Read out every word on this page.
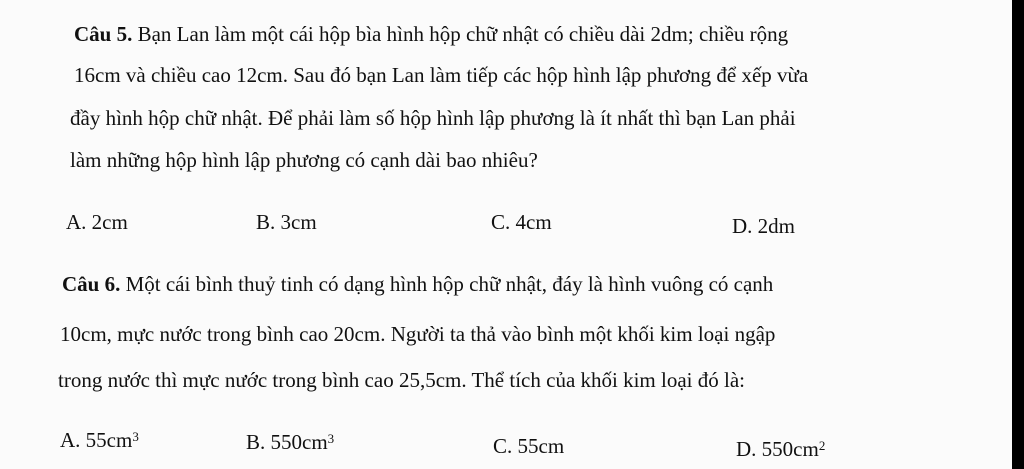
Câu 5. Bạn Lan làm một cái hộp bìa hình hộp chữ nhật có chiều dài 2dm; chiều rộng
16cm và chiều cao 12cm. Sau đó bạn Lan làm tiếp các hộp hình lập phương để xếp vừa
đầy hình hộp chữ nhật. Để phải làm số hộp hình lập phương là ít nhất thì bạn Lan phải
làm những hộp hình lập phương có cạnh dài bao nhiêu?
A. 2cm	B. 3cm	C. 4cm	D. 2dm
Câu 6. Một cái bình thuỷ tinh có dạng hình hộp chữ nhật, đáy là hình vuông có cạnh
10cm, mực nước trong bình cao 20cm. Người ta thả vào bình một khối kim loại ngập
trong nước thì mực nước trong bình cao 25,5cm. Thể tích của khối kim loại đó là:
A. $55cm^3$	B. $550cm^3$	C. 55cm	D. $550cm^2$
